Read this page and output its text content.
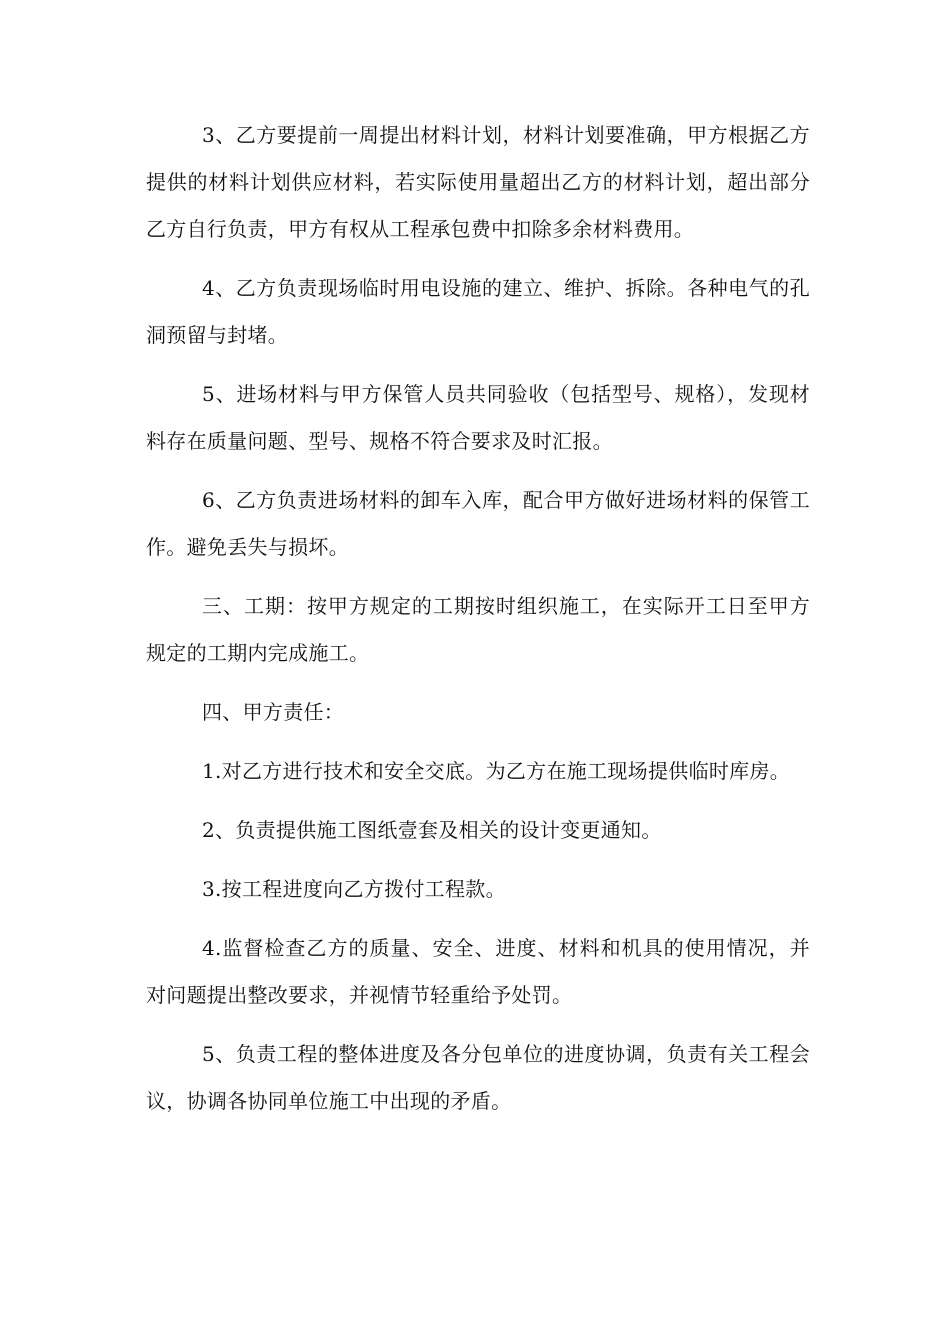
3、乙方要提前一周提出材料计划，材料计划要准确，甲方根据乙方提供的材料计划供应材料，若实际使用量超出乙方的材料计划，超出部分乙方自行负责，甲方有权从工程承包费中扣除多余材料费用。

4、乙方负责现场临时用电设施的建立、维护、拆除。各种电气的孔洞预留与封堵。

5、进场材料与甲方保管人员共同验收（包括型号、规格），发现材料存在质量问题、型号、规格不符合要求及时汇报。

6、乙方负责进场材料的卸车入库，配合甲方做好进场材料的保管工作。避免丢失与损坏。

三、工期：按甲方规定的工期按时组织施工，在实际开工日至甲方规定的工期内完成施工。

四、甲方责任：

1.对乙方进行技术和安全交底。为乙方在施工现场提供临时库房。

2、负责提供施工图纸壹套及相关的设计变更通知。

3.按工程进度向乙方拨付工程款。

4.监督检查乙方的质量、安全、进度、材料和机具的使用情况，并对问题提出整改要求，并视情节轻重给予处罚。

5、负责工程的整体进度及各分包单位的进度协调，负责有关工程会议，协调各协同单位施工中出现的矛盾。
